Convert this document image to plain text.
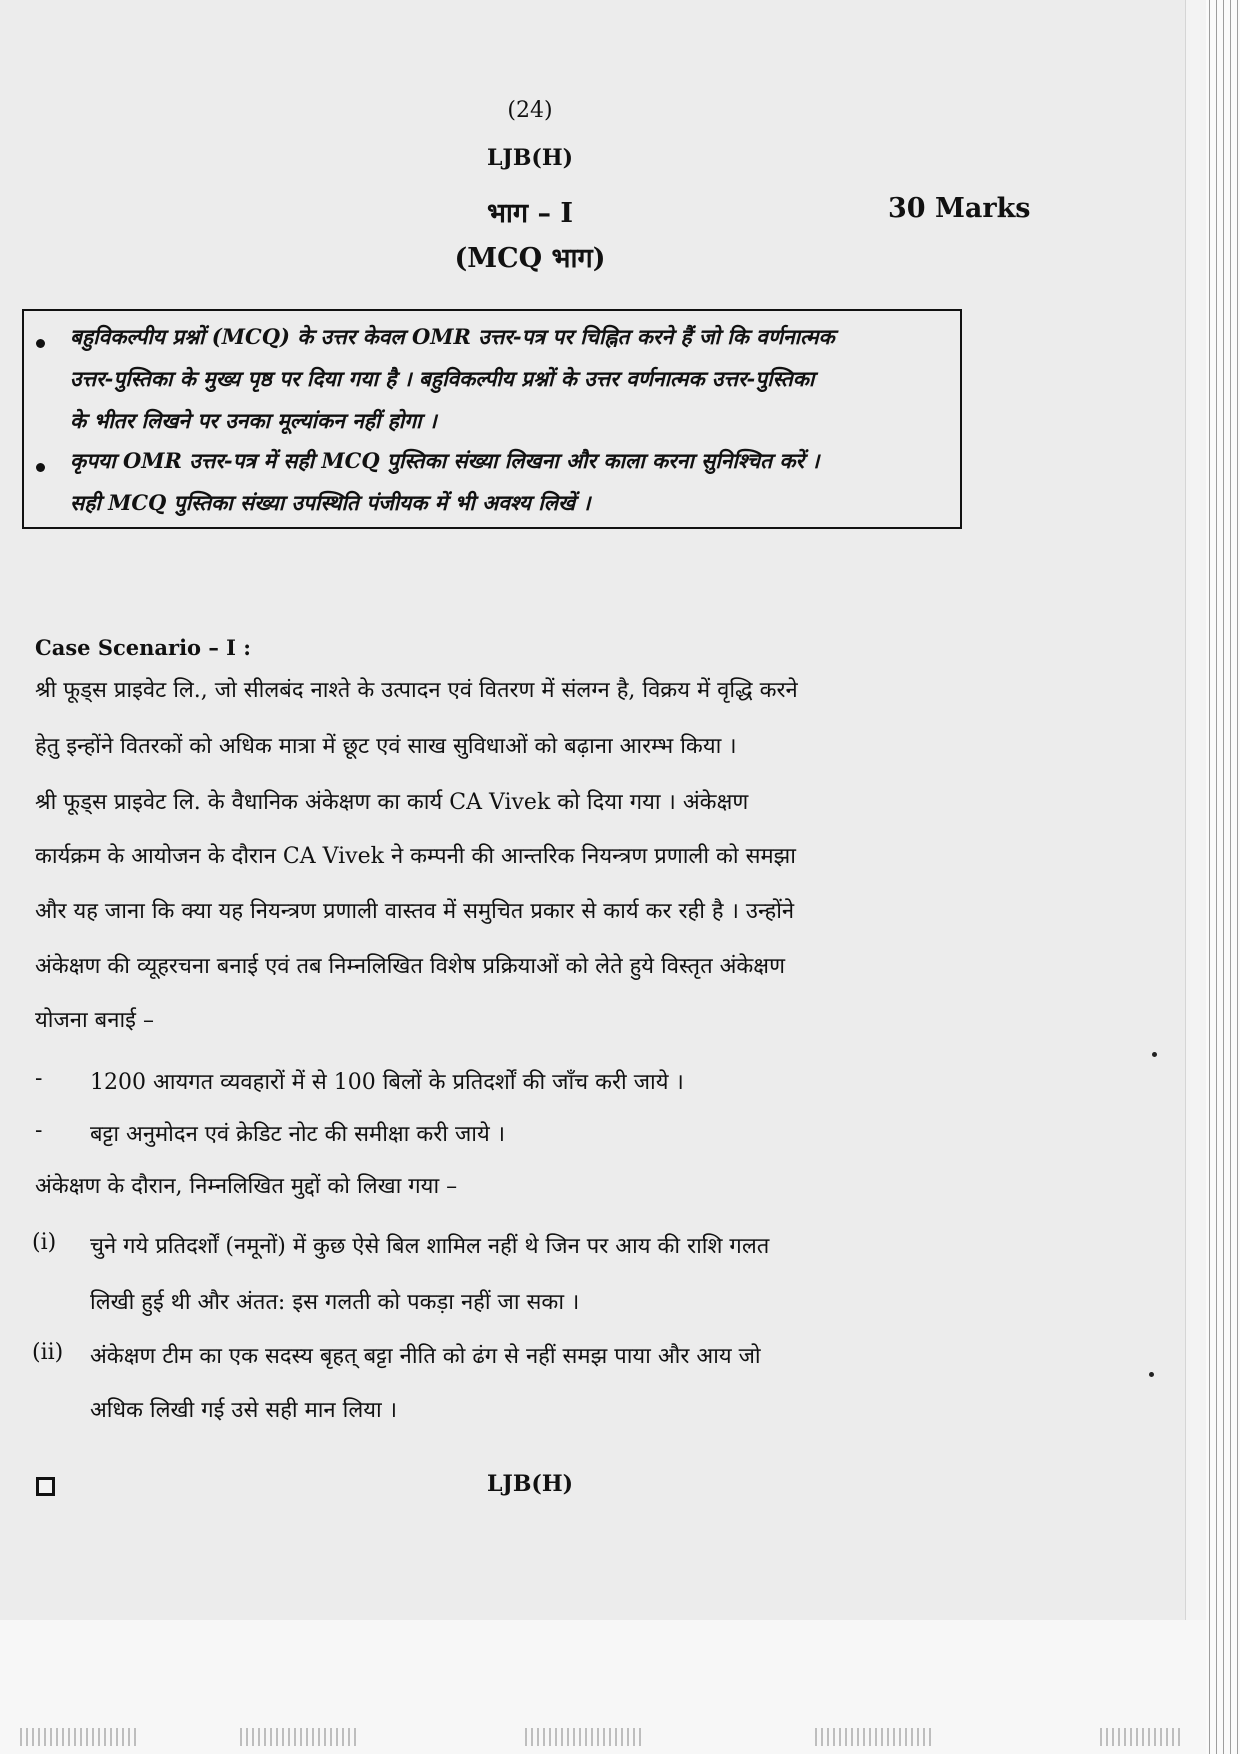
(24)
LJB(H)
भाग – I	30 Marks
(MCQ भाग)
बहुविकल्पीय प्रश्नों (MCQ) के उत्तर केवल OMR उत्तर-पत्र पर चिह्नित करने हैं जो कि वर्णनात्मक
उत्तर-पुस्तिका के मुख्य पृष्ठ पर दिया गया है । बहुविकल्पीय प्रश्नों के उत्तर वर्णनात्मक उत्तर-पुस्तिका
के भीतर लिखने पर उनका मूल्यांकन नहीं होगा ।
कृपया OMR उत्तर-पत्र में सही MCQ पुस्तिका संख्या लिखना और काला करना सुनिश्चित करें ।
सही MCQ पुस्तिका संख्या उपस्थिति पंजीयक में भी अवश्य लिखें ।
Case Scenario – I :
श्री फूड्स प्राइवेट लि., जो सीलबंद नाश्ते के उत्पादन एवं वितरण में संलग्न है, विक्रय में वृद्धि करने
हेतु इन्होंने वितरकों को अधिक मात्रा में छूट एवं साख सुविधाओं को बढ़ाना आरम्भ किया ।
श्री फूड्स प्राइवेट लि. के वैधानिक अंकेक्षण का कार्य CA Vivek को दिया गया । अंकेक्षण
कार्यक्रम के आयोजन के दौरान CA Vivek ने कम्पनी की आन्तरिक नियन्त्रण प्रणाली को समझा
और यह जाना कि क्या यह नियन्त्रण प्रणाली वास्तव में समुचित प्रकार से कार्य कर रही है । उन्होंने
अंकेक्षण की व्यूहरचना बनाई एवं तब निम्नलिखित विशेष प्रक्रियाओं को लेते हुये विस्तृत अंकेक्षण
योजना बनाई –
- 1200 आयगत व्यवहारों में से 100 बिलों के प्रतिदर्शों की जाँच करी जाये ।
- बट्टा अनुमोदन एवं क्रेडिट नोट की समीक्षा करी जाये ।
अंकेक्षण के दौरान, निम्नलिखित मुद्दों को लिखा गया –
(i) चुने गये प्रतिदर्शों (नमूनों) में कुछ ऐसे बिल शामिल नहीं थे जिन पर आय की राशि गलत
लिखी हुई थी और अंतत: इस गलती को पकड़ा नहीं जा सका ।
(ii) अंकेक्षण टीम का एक सदस्य बृहत् बट्टा नीति को ढंग से नहीं समझ पाया और आय जो
अधिक लिखी गई उसे सही मान लिया ।
LJB(H)
